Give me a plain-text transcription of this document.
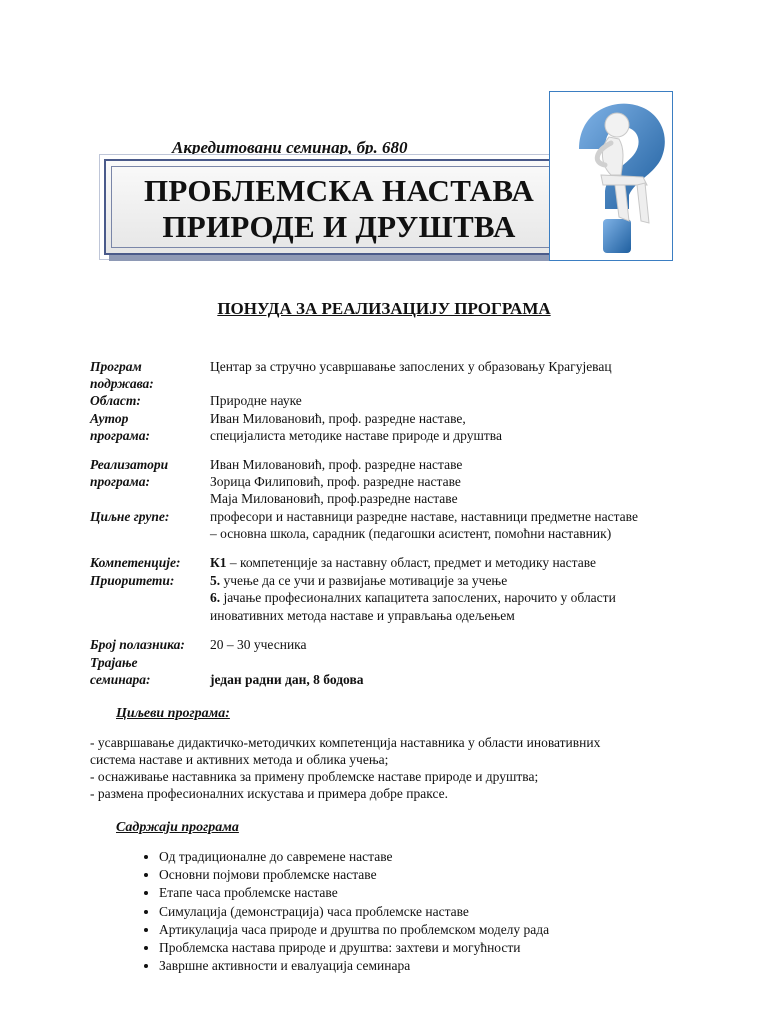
Акредитовани семинар, бр. 680
ПРОБЛЕМСКА НАСТАВА
ПРИРОДЕ И ДРУШТВА
ПОНУДА ЗА РЕАЛИЗАЦИЈУ ПРОГРАМА
Програм
подржава:
Центар за стручно усавршавање запослених у образовању Крагујевац
Област:	Природне науке
Аутор
програма:
Иван Миловановић, проф. разредне наставе,
специјалиста методике наставе природе и друштва
Реализатори
програма:
Иван Миловановић, проф. разредне наставе
Зорица Филиповић, проф. разредне наставе
Маја Миловановић, проф.разредне наставе
Циљне групе:	професори и наставници разредне наставе, наставници предметне наставе
– основна школа, сарадник (педагошки асистент, помоћни наставник)
Компетенције: К1 – компетенције за наставну област, предмет и методику наставе
Приоритети:	5. учење да се учи и развијање мотивације за учење
6. јачање професионалних капацитета запослених, нарочито у области
иновативних метода наставе и управљања одељењем
Број полазника: 20 – 30 учесника
Трајање
семинара:	један радни дан, 8 бодова
Циљеви програма:
- усавршавање дидактичко-методичких компетенција наставника у области иновативних
система наставе и активних метода и облика учења;
- оснаживање наставника за примену проблемске наставе природе и друштва;
- размена професионалних искустава и примера добре праксе.
Садржаји програма
• Од традиционалне до савремене наставе
• Основни појмови проблемске наставе
• Етапе часа проблемске наставе
• Симулација (демонстрација) часа проблемске наставе
• Артикулација часа природе и друштва по проблемском моделу рада
• Проблемска настава природе и друштва: захтеви и могућности
• Завршне активности и евалуација семинара
